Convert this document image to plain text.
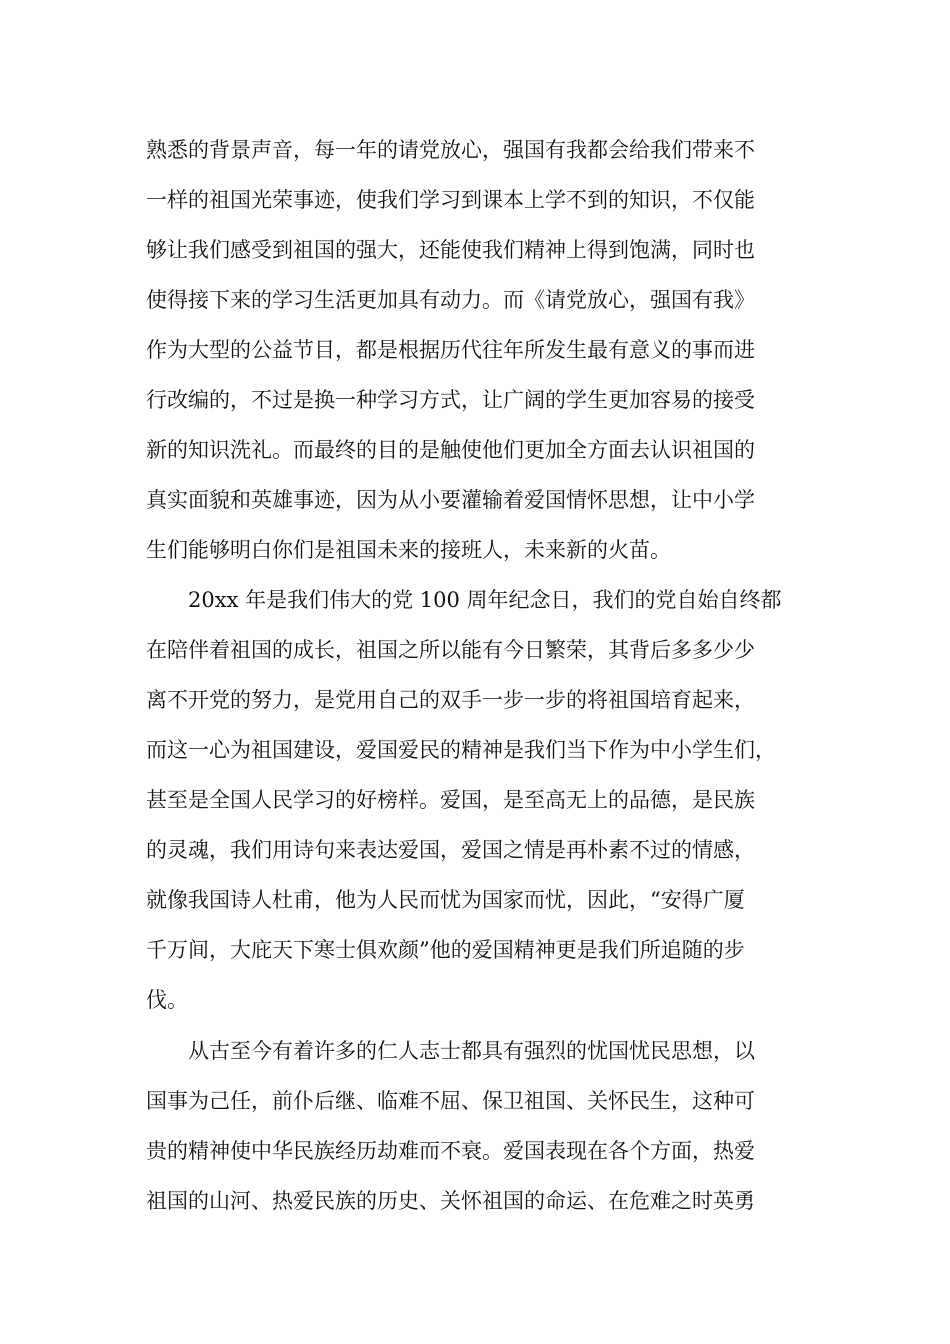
熟悉的背景声音，每一年的请党放心，强国有我都会给我们带来不
一样的祖国光荣事迹，使我们学习到课本上学不到的知识，不仅能
够让我们感受到祖国的强大，还能使我们精神上得到饱满，同时也
使得接下来的学习生活更加具有动力。而《请党放心，强国有我》
作为大型的公益节目，都是根据历代往年所发生最有意义的事而进
行改编的，不过是换一种学习方式，让广阔的学生更加容易的接受
新的知识洗礼。而最终的目的是触使他们更加全方面去认识祖国的
真实面貌和英雄事迹，因为从小要灌输着爱国情怀思想，让中小学
生们能够明白你们是祖国未来的接班人，未来新的火苗。
20xx 年是我们伟大的党 100 周年纪念日，我们的党自始自终都
在陪伴着祖国的成长，祖国之所以能有今日繁荣，其背后多多少少
离不开党的努力，是党用自己的双手一步一步的将祖国培育起来，
而这一心为祖国建设，爱国爱民的精神是我们当下作为中小学生们，
甚至是全国人民学习的好榜样。爱国，是至高无上的品德，是民族
的灵魂，我们用诗句来表达爱国，爱国之情是再朴素不过的情感，
就像我国诗人杜甫，他为人民而忧为国家而忧，因此，“安得广厦
千万间，大庇天下寒士俱欢颜”他的爱国精神更是我们所追随的步
伐。
从古至今有着许多的仁人志士都具有强烈的忧国忧民思想，以
国事为己任，前仆后继、临难不屈、保卫祖国、关怀民生，这种可
贵的精神使中华民族经历劫难而不衰。爱国表现在各个方面，热爱
祖国的山河、热爱民族的历史、关怀祖国的命运、在危难之时英勇
